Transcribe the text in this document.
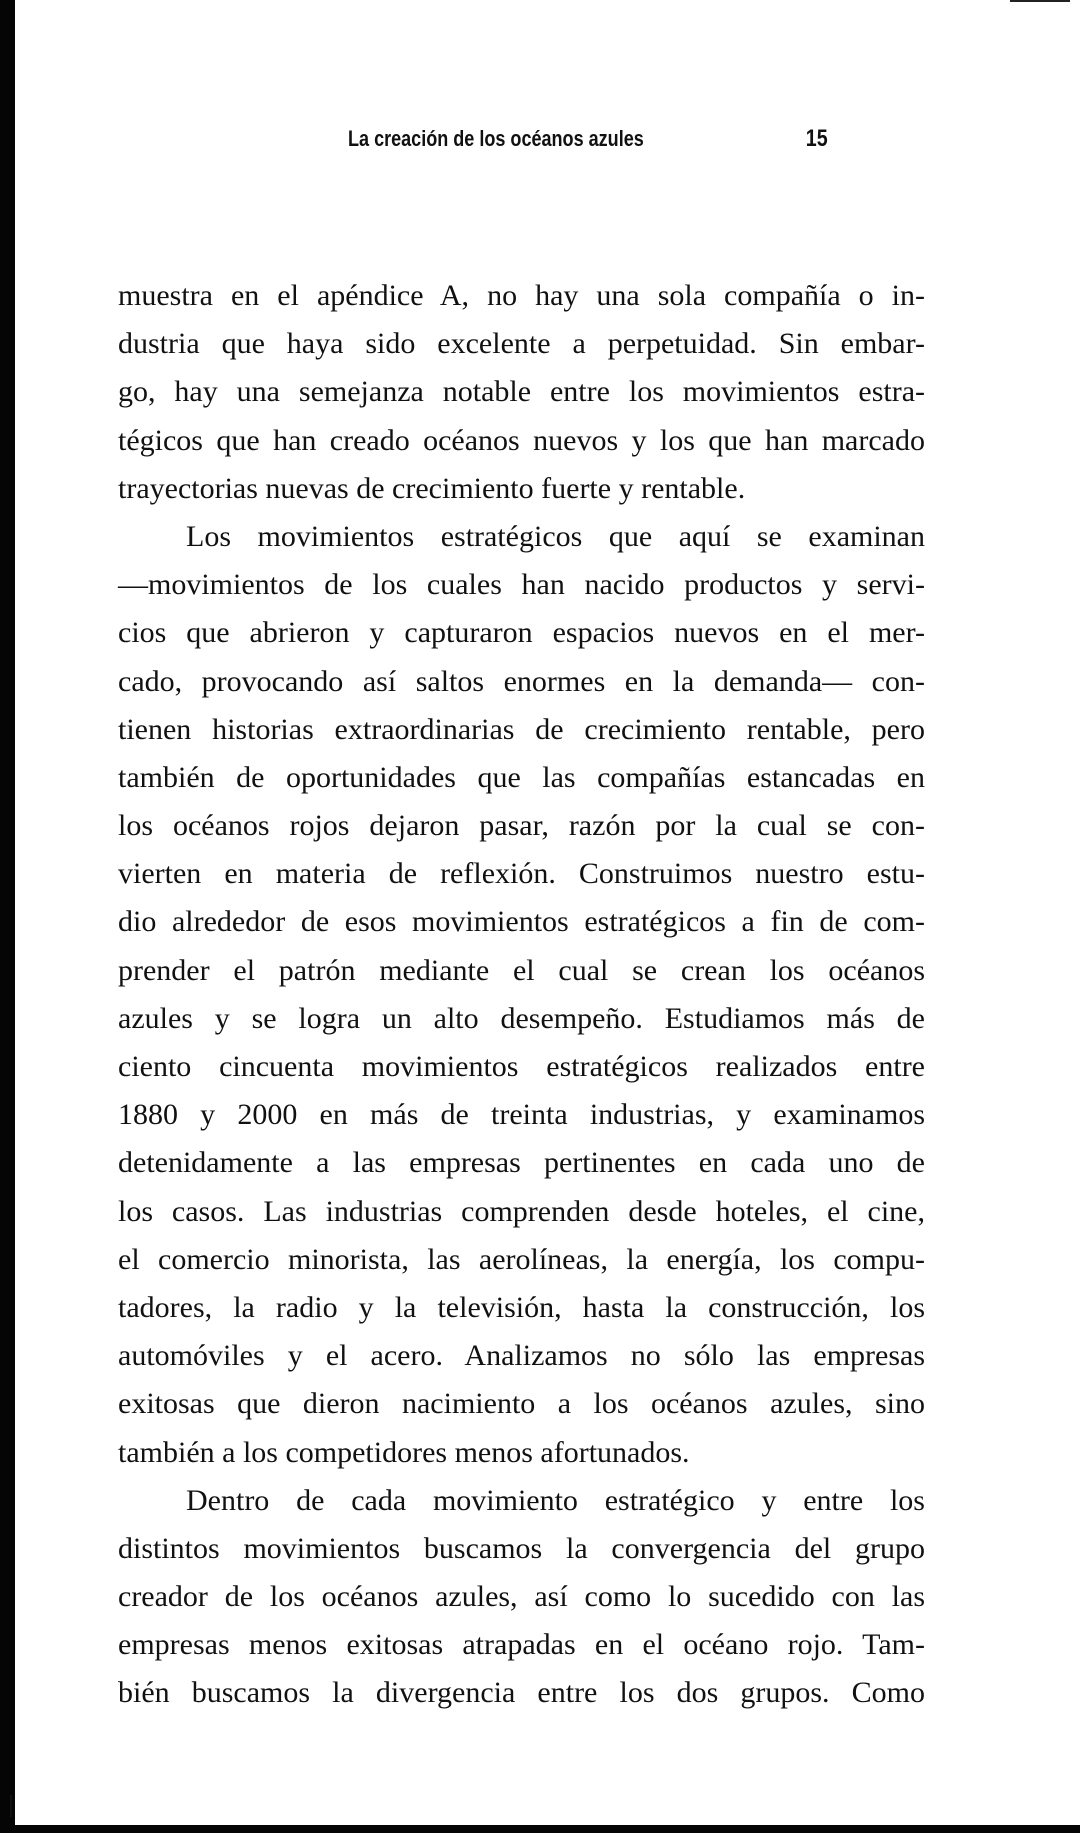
La creación de los océanos azules	15

muestra en el apéndice A, no hay una sola compañía o in-
dustria que haya sido excelente a perpetuidad. Sin embar-
go, hay una semejanza notable entre los movimientos estra-
tégicos que han creado océanos nuevos y los que han marcado
trayectorias nuevas de crecimiento fuerte y rentable.

Los movimientos estratégicos que aquí se examinan
—movimientos de los cuales han nacido productos y servi-
cios que abrieron y capturaron espacios nuevos en el mer-
cado, provocando así saltos enormes en la demanda— con-
tienen historias extraordinarias de crecimiento rentable, pero
también de oportunidades que las compañías estancadas en
los océanos rojos dejaron pasar, razón por la cual se con-
vierten en materia de reflexión. Construimos nuestro estu-
dio alrededor de esos movimientos estratégicos a fin de com-
prender el patrón mediante el cual se crean los océanos
azules y se logra un alto desempeño. Estudiamos más de
ciento cincuenta movimientos estratégicos realizados entre
1880 y 2000 en más de treinta industrias, y examinamos
detenidamente a las empresas pertinentes en cada uno de
los casos. Las industrias comprenden desde hoteles, el cine,
el comercio minorista, las aerolíneas, la energía, los compu-
tadores, la radio y la televisión, hasta la construcción, los
automóviles y el acero. Analizamos no sólo las empresas
exitosas que dieron nacimiento a los océanos azules, sino
también a los competidores menos afortunados.

Dentro de cada movimiento estratégico y entre los
distintos movimientos buscamos la convergencia del grupo
creador de los océanos azules, así como lo sucedido con las
empresas menos exitosas atrapadas en el océano rojo. Tam-
bién buscamos la divergencia entre los dos grupos. Como
